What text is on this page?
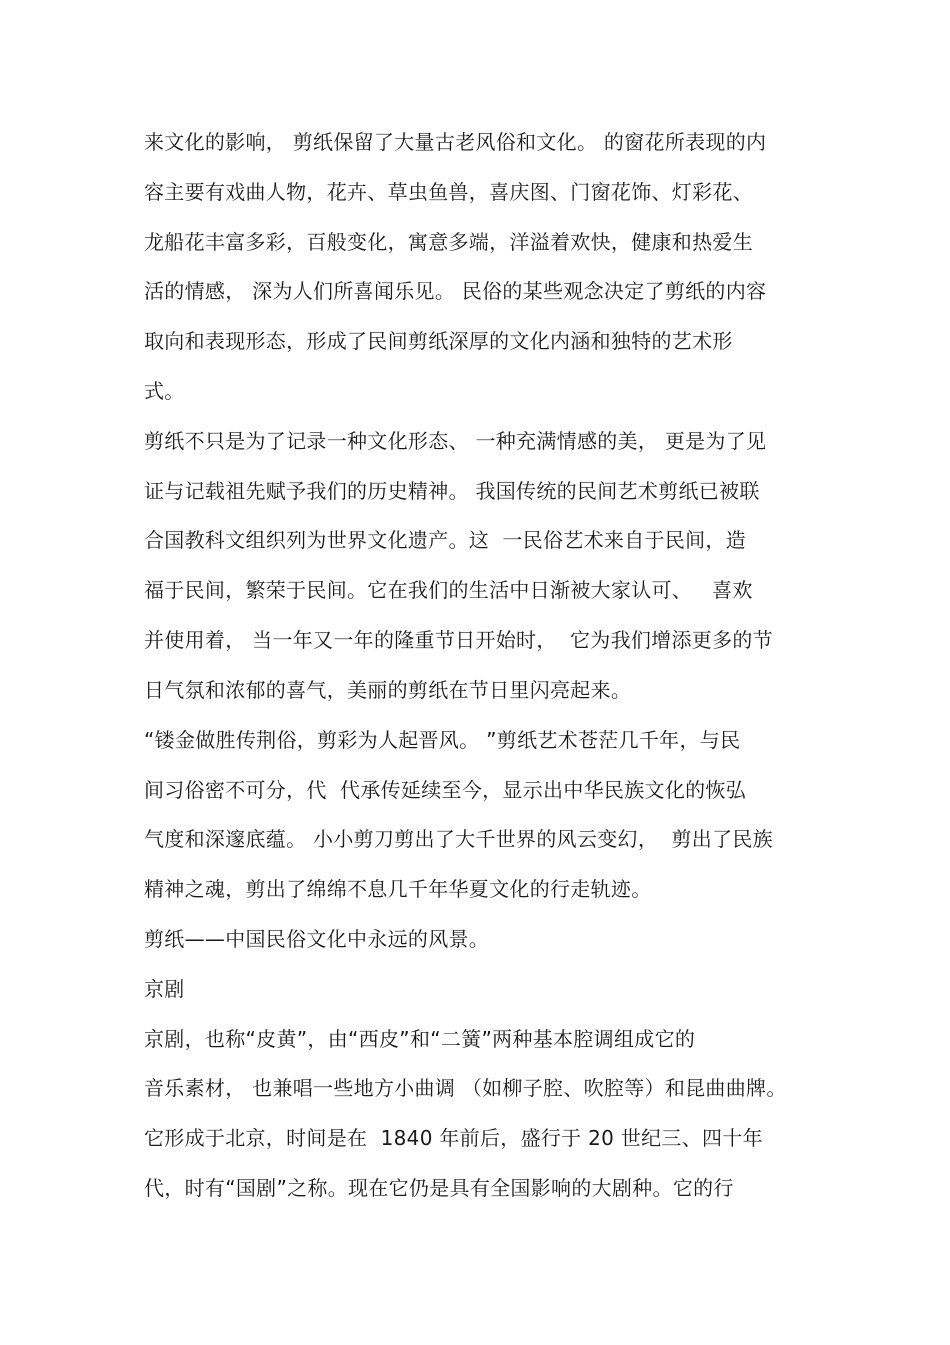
来文化的影响， 剪纸保留了大量古老风俗和文化。 的窗花所表现的内
容主要有戏曲人物，花卉、草虫鱼兽，喜庆图、门窗花饰、灯彩花、
龙船花丰富多彩，百般变化，寓意多端，洋溢着欢快，健康和热爱生
活的情感， 深为人们所喜闻乐见。 民俗的某些观念决定了剪纸的内容
取向和表现形态，形成了民间剪纸深厚的文化内涵和独特的艺术形
式。
剪纸不只是为了记录一种文化形态、 一种充满情感的美， 更是为了见
证与记载祖先赋予我们的历史精神。 我国传统的民间艺术剪纸已被联
合国教科文组织列为世界文化遗产。这  一民俗艺术来自于民间，造
福于民间，繁荣于民间。它在我们的生活中日渐被大家认可、   喜欢
并使用着， 当一年又一年的隆重节日开始时，  它为我们增添更多的节
日气氛和浓郁的喜气，美丽的剪纸在节日里闪亮起来。
“镂金做胜传荆俗，剪彩为人起晋风。 ”剪纸艺术苍茫几千年，与民
间习俗密不可分，代  代承传延续至今，显示出中华民族文化的恢弘
气度和深邃底蕴。 小小剪刀剪出了大千世界的风云变幻，  剪出了民族
精神之魂，剪出了绵绵不息几千年华夏文化的行走轨迹。
剪纸——中国民俗文化中永远的风景。
京剧
京剧，也称“皮黄”，由“西皮”和“二簧”两种基本腔调组成它的
音乐素材， 也兼唱一些地方小曲调 （如柳子腔、吹腔等）和昆曲曲牌。
它形成于北京，时间是在  1840 年前后，盛行于 20 世纪三、四十年
代，时有“国剧”之称。现在它仍是具有全国影响的大剧种。它的行
